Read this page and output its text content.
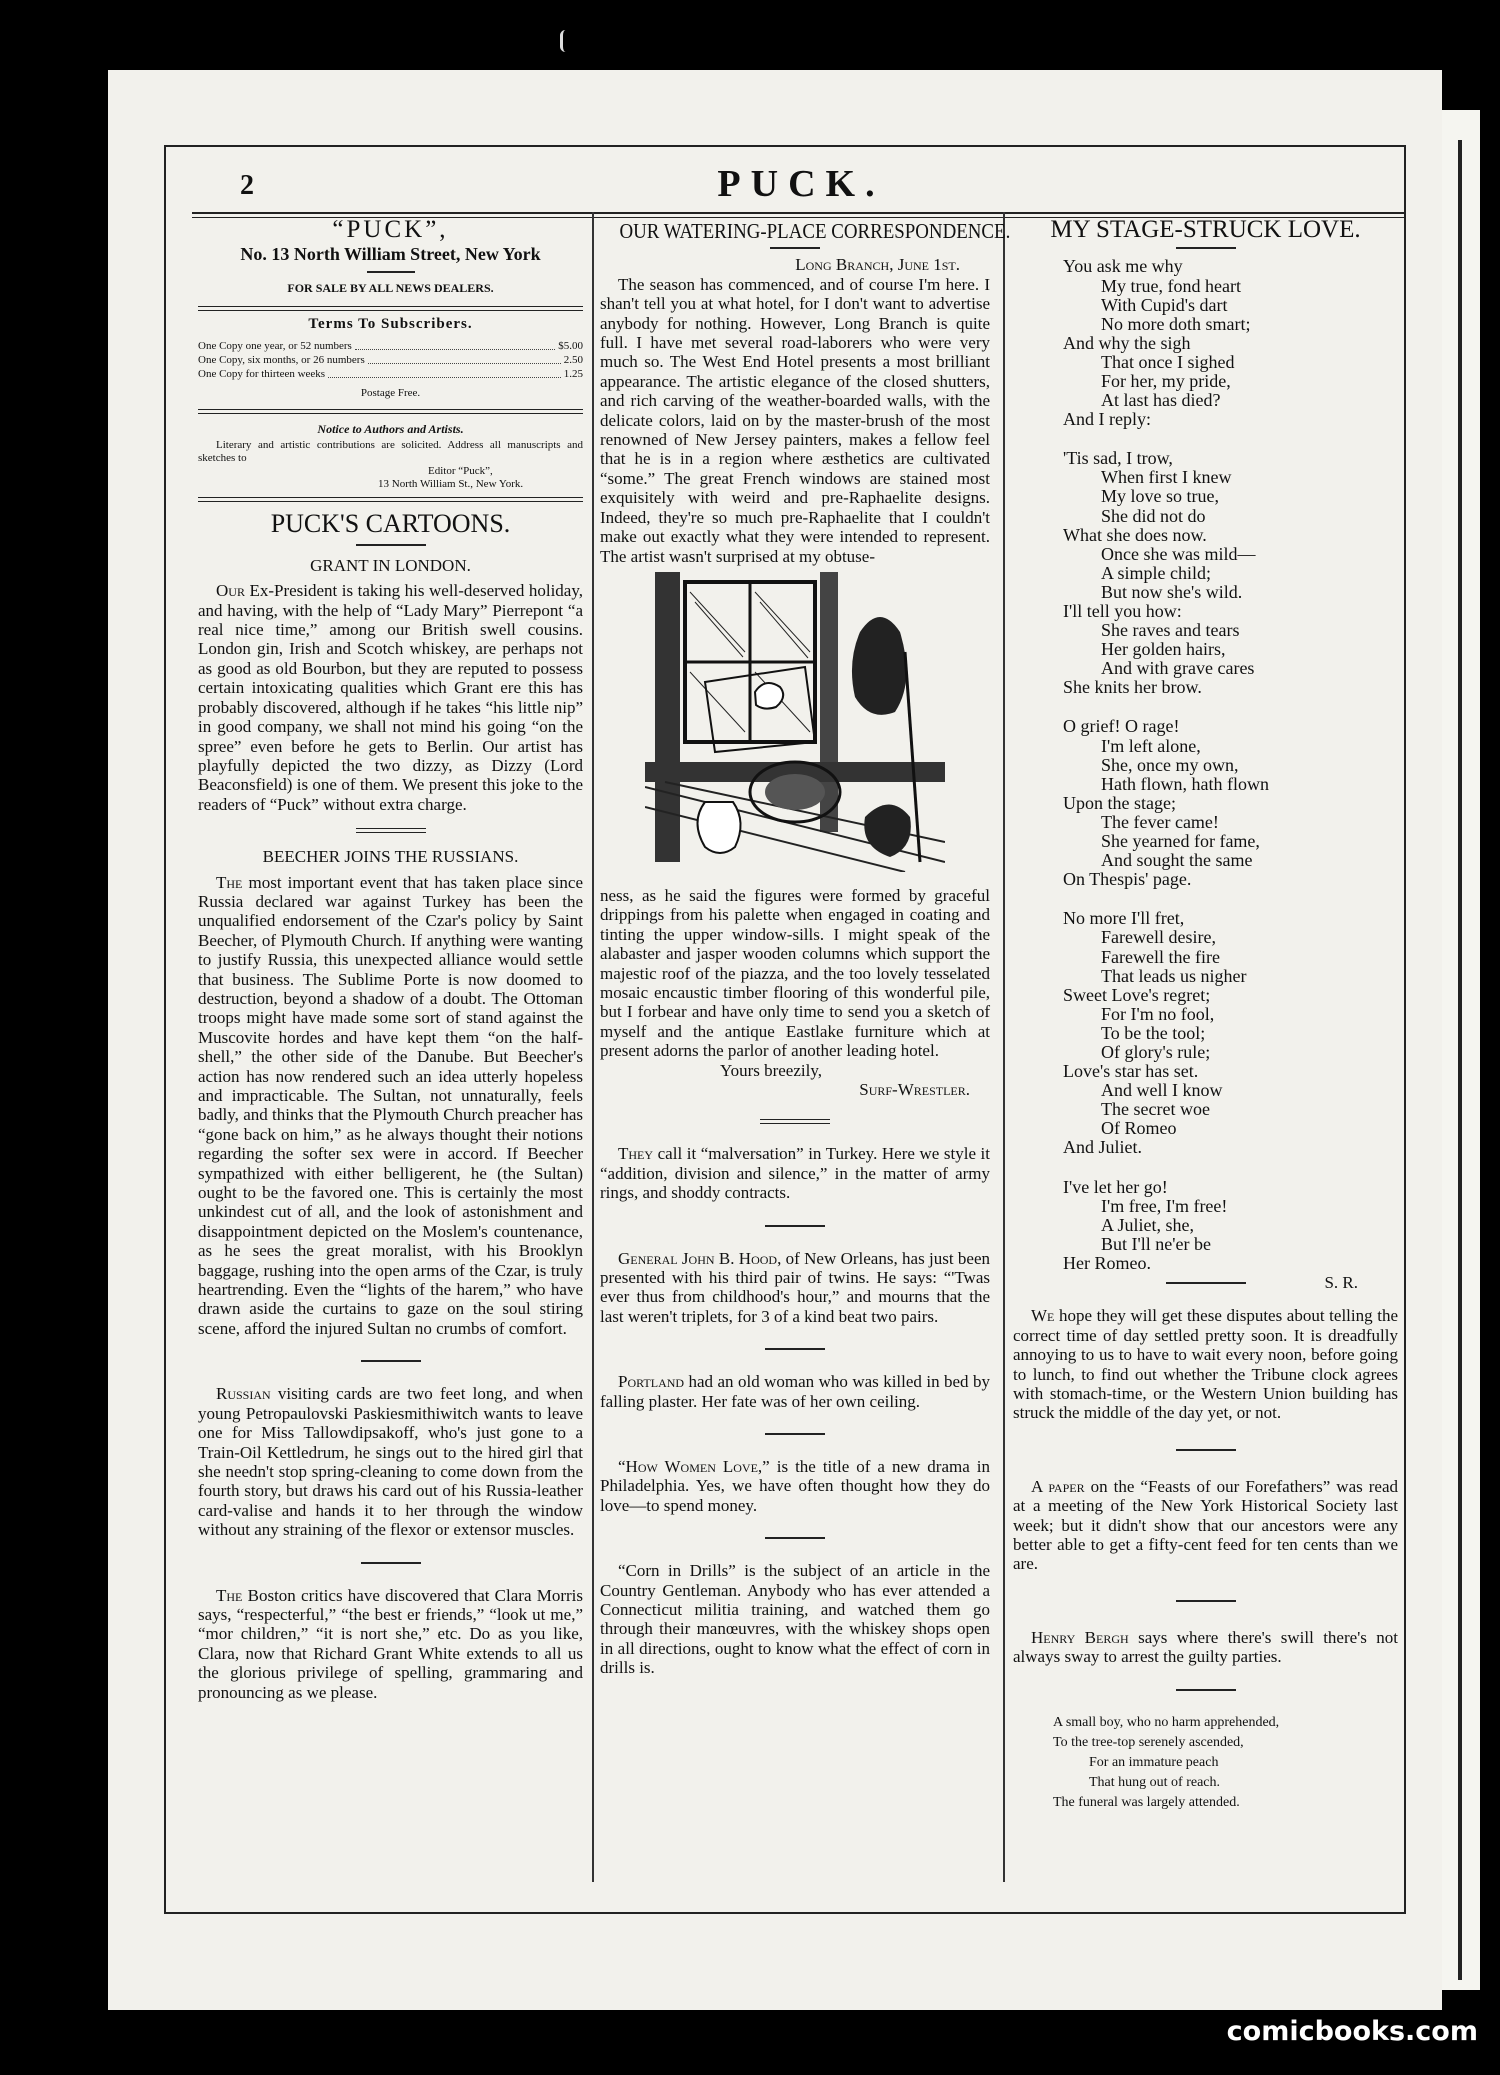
2	PUCK.
“PUCK”,
No. 13 North William Street, New York
FOR SALE BY ALL NEWS DEALERS.
Terms To Subscribers.
One Copy one year, or 52 numbers	$5.00
One Copy, six months, or 26 numbers	2.50
One Copy for thirteen weeks	1.25
Postage Free.
Notice to Authors and Artists.
Literary and artistic contributions are solicited. Address all manuscripts and sketches to
Editor “Puck”,
13 North William St., New York.
PUCK'S CARTOONS.
GRANT IN LONDON.

Our Ex-President is taking his well-deserved holiday, and having, with the help of “Lady Mary” Pierrepont “a real nice time,” among our British swell cousins. London gin, Irish and Scotch whiskey, are perhaps not as good as old Bourbon, but they are reputed to possess certain intoxicating qualities which Grant ere this has probably discovered, although if he takes “his little nip” in good company, we shall not mind his going “on the spree” even before he gets to Berlin. Our artist has playfully depicted the two dizzy, as Dizzy (Lord Beaconsfield) is one of them. We present this joke to the readers of “Puck” without extra charge.

BEECHER JOINS THE RUSSIANS.

The most important event that has taken place since Russia declared war against Turkey has been the unqualified endorsement of the Czar's policy by Saint Beecher, of Plymouth Church. If anything were wanting to justify Russia, this unexpected alliance would settle that business. The Sublime Porte is now doomed to destruction, beyond a shadow of a doubt. The Ottoman troops might have made some sort of stand against the Muscovite hordes and have kept them “on the half-shell,” the other side of the Danube. But Beecher's action has now rendered such an idea utterly hopeless and impracticable. The Sultan, not unnaturally, feels badly, and thinks that the Plymouth Church preacher has “gone back on him,” as he always thought their notions regarding the softer sex were in accord. If Beecher sympathized with either belligerent, he (the Sultan) ought to be the favored one. This is certainly the most unkindest cut of all, and the look of astonishment and disappointment depicted on the Moslem's countenance, as he sees the great moralist, with his Brooklyn baggage, rushing into the open arms of the Czar, is truly heartrending. Even the “lights of the harem,” who have drawn aside the curtains to gaze on the soul stiring scene, afford the injured Sultan no crumbs of comfort.

Russian visiting cards are two feet long, and when young Petropaulovski Paskiesmithiwitch wants to leave one for Miss Tallowdipsakoff, who's just gone to a Train-Oil Kettledrum, he sings out to the hired girl that she needn't stop spring-cleaning to come down from the fourth story, but draws his card out of his Russia-leather card-valise and hands it to her through the window without any straining of the flexor or extensor muscles.

The Boston critics have discovered that Clara Morris says, “respecterful,” “the best er friends,” “look ut me,” “mor children,” “it is nort she,” etc. Do as you like, Clara, now that Richard Grant White extends to all us the glorious privilege of spelling, grammaring and pronouncing as we please.

OUR WATERING-PLACE CORRESPONDENCE.
Long Branch, June 1st.

The season has commenced, and of course I'm here. I shan't tell you at what hotel, for I don't want to advertise anybody for nothing. However, Long Branch is quite full. I have met several road-laborers who were very much so. The West End Hotel presents a most brilliant appearance. The artistic elegance of the closed shutters, and rich carving of the weather-boarded walls, with the delicate colors, laid on by the master-brush of the most renowned of New Jersey painters, makes a fellow feel that he is in a region where æsthetics are cultivated “some.” The great French windows are stained most exquisitely with weird and pre-Raphaelite designs. Indeed, they're so much pre-Raphaelite that I couldn't make out exactly what they were intended to represent. The artist wasn't surprised at my obtuse-

ness, as he said the figures were formed by graceful drippings from his palette when engaged in coating and tinting the upper window-sills. I might speak of the alabaster and jasper wooden columns which support the majestic roof of the piazza, and the too lovely tesselated mosaic encaustic timber flooring of this wonderful pile, but I forbear and have only time to send you a sketch of myself and the antique Eastlake furniture which at present adorns the parlor of another leading hotel.

Yours breezily,
Surf-Wrestler.

They call it “malversation” in Turkey. Here we style it “addition, division and silence,” in the matter of army rings, and shoddy contracts.

General John B. Hood, of New Orleans, has just been presented with his third pair of twins. He says: “'Twas ever thus from childhood's hour,” and mourns that the last weren't triplets, for 3 of a kind beat two pairs.

Portland had an old woman who was killed in bed by falling plaster. Her fate was of her own ceiling.

“How Women Love,” is the title of a new drama in Philadelphia. Yes, we have often thought how they do love—to spend money.

“Corn in Drills” is the subject of an article in the Country Gentleman. Anybody who has ever attended a Connecticut militia training, and watched them go through their manœuvres, with the whiskey shops open in all directions, ought to know what the effect of corn in drills is.

MY STAGE-STRUCK LOVE.
You ask me why
My true, fond heart
With Cupid's dart
No more doth smart;
And why the sigh
That once I sighed
For her, my pride,
At last has died?
And I reply:
'Tis sad, I trow,
When first I knew
My love so true,
She did not do
What she does now.
Once she was mild—
A simple child;
But now she's wild.
I'll tell you how:
She raves and tears
Her golden hairs,
And with grave cares
She knits her brow.
O grief! O rage!
I'm left alone,
She, once my own,
Hath flown, hath flown
Upon the stage;
The fever came!
She yearned for fame,
And sought the same
On Thespis' page.
No more I'll fret,
Farewell desire,
Farewell the fire
That leads us nigher
Sweet Love's regret;
For I'm no fool,
To be the tool;
Of glory's rule;
Love's star has set.
And well I know
The secret woe
Of Romeo
And Juliet.
I've let her go!
I'm free, I'm free!
A Juliet, she,
But I'll ne'er be
Her Romeo.
S. R.

We hope they will get these disputes about telling the correct time of day settled pretty soon. It is dreadfully annoying to us to have to wait every noon, before going to lunch, to find out whether the Tribune clock agrees with stomach-time, or the Western Union building has struck the middle of the day yet, or not.

A paper on the “Feasts of our Forefathers” was read at a meeting of the New York Historical Society last week; but it didn't show that our ancestors were any better able to get a fifty-cent feed for ten cents than we are.

Henry Bergh says where there's swill there's not always sway to arrest the guilty parties.

A small boy, who no harm apprehended,
To the tree-top serenely ascended,
For an immature peach
That hung out of reach.
The funeral was largely attended.
comicbooks.com
